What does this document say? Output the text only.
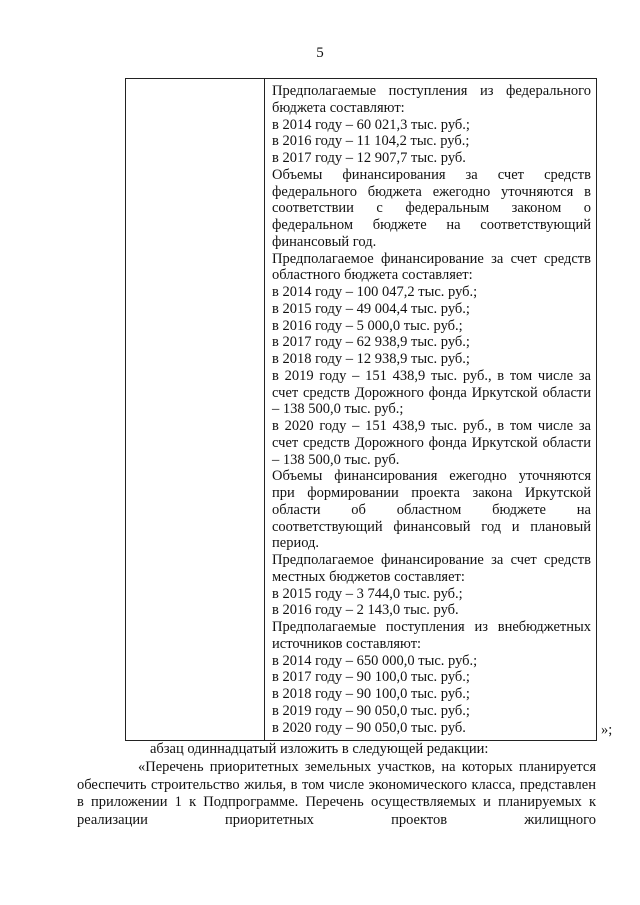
5
Предполагаемые поступления из федерального бюджета составляют:
в 2014 году – 60 021,3 тыс. руб.;
в 2016 году – 11 104,2 тыс. руб.;
в 2017 году – 12 907,7 тыс. руб.
Объемы финансирования за счет средств федерального бюджета ежегодно уточняются в соответствии с федеральным законом о федеральном бюджете на соответствующий финансовый год.
Предполагаемое финансирование за счет средств областного бюджета составляет:
в 2014 году – 100 047,2 тыс. руб.;
в 2015 году – 49 004,4 тыс. руб.;
в 2016 году – 5 000,0 тыс. руб.;
в 2017 году – 62 938,9 тыс. руб.;
в 2018 году – 12 938,9 тыс. руб.;
в 2019 году – 151 438,9 тыс. руб., в том числе за счет средств Дорожного фонда Иркутской области – 138 500,0 тыс. руб.;
в 2020 году – 151 438,9 тыс. руб., в том числе за счет средств Дорожного фонда Иркутской области – 138 500,0 тыс. руб.
Объемы финансирования ежегодно уточняются при формировании проекта закона Иркутской области об областном бюджете на соответствующий финансовый год и плановый период.
Предполагаемое финансирование за счет средств местных бюджетов составляет:
в 2015 году – 3 744,0 тыс. руб.;
в 2016 году – 2 143,0 тыс. руб.
Предполагаемые поступления из внебюджетных источников составляют:
в 2014 году – 650 000,0 тыс. руб.;
в 2017 году – 90 100,0 тыс. руб.;
в 2018 году – 90 100,0 тыс. руб.;
в 2019 году – 90 050,0 тыс. руб.;
в 2020 году – 90 050,0 тыс. руб.	»;

абзац одиннадцатый изложить в следующей редакции:

«Перечень приоритетных земельных участков, на которых планируется обеспечить строительство жилья, в том числе экономического класса, представлен в приложении 1 к Подпрограмме. Перечень осуществляемых и планируемых к реализации приоритетных проектов жилищного
